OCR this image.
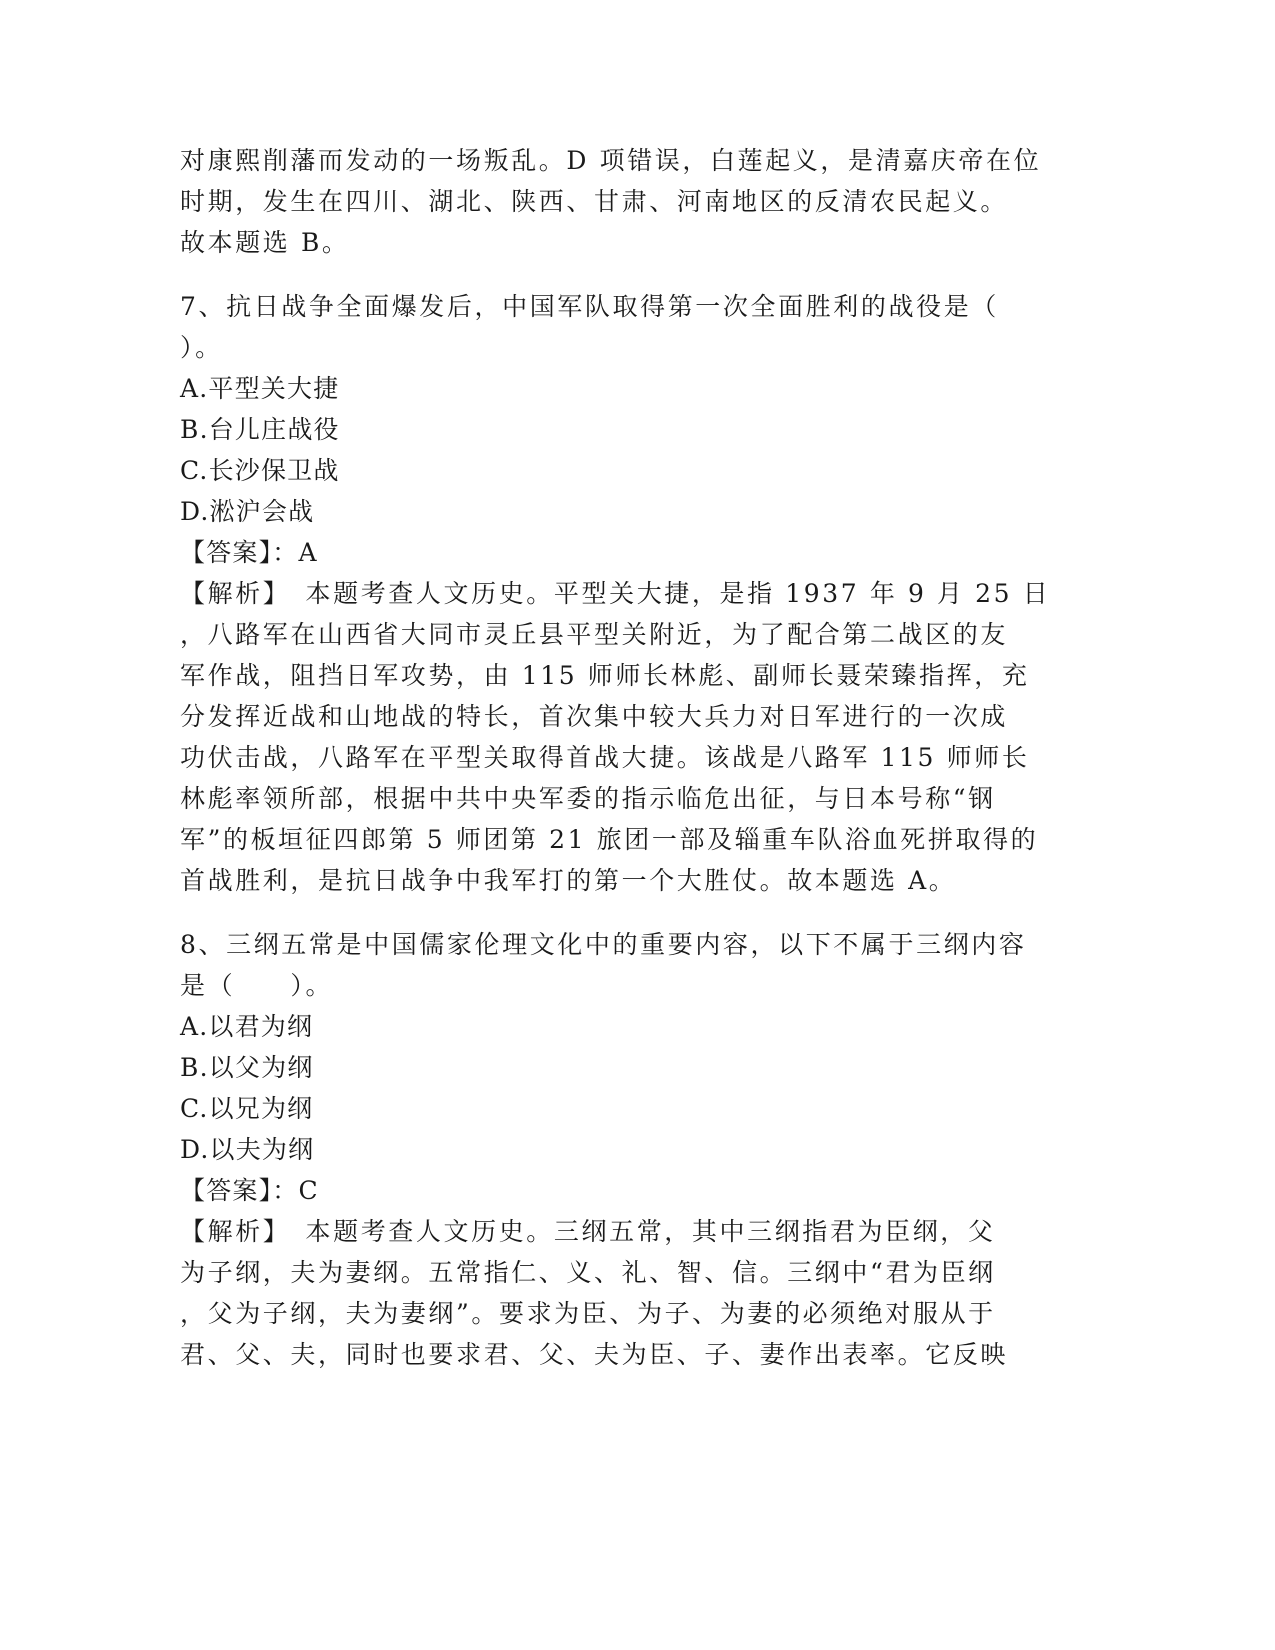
对康熙削藩而发动的一场叛乱。D 项错误，白莲起义，是清嘉庆帝在位
时期，发生在四川、湖北、陕西、甘肃、河南地区的反清农民起义。
故本题选 B。
7、抗日战争全面爆发后，中国军队取得第一次全面胜利的战役是（
）。
A.平型关大捷
B.台儿庄战役
C.长沙保卫战
D.淞沪会战
【答案】：A
【解析】　本题考查人文历史。平型关大捷，是指 1937 年 9 月 25 日
，八路军在山西省大同市灵丘县平型关附近，为了配合第二战区的友
军作战，阻挡日军攻势，由 115 师师长林彪、副师长聂荣臻指挥，充
分发挥近战和山地战的特长，首次集中较大兵力对日军进行的一次成
功伏击战，八路军在平型关取得首战大捷。该战是八路军 115 师师长
林彪率领所部，根据中共中央军委的指示临危出征，与日本号称“钢
军”的板垣征四郎第 5 师团第 21 旅团一部及辎重车队浴血死拼取得的
首战胜利，是抗日战争中我军打的第一个大胜仗。故本题选 A。
8、三纲五常是中国儒家伦理文化中的重要内容，以下不属于三纲内容
是（　　）。
A.以君为纲
B.以父为纲
C.以兄为纲
D.以夫为纲
【答案】：C
【解析】　本题考查人文历史。三纲五常，其中三纲指君为臣纲，父
为子纲，夫为妻纲。五常指仁、义、礼、智、信。三纲中“君为臣纲
，父为子纲，夫为妻纲”。要求为臣、为子、为妻的必须绝对服从于
君、父、夫，同时也要求君、父、夫为臣、子、妻作出表率。它反映
